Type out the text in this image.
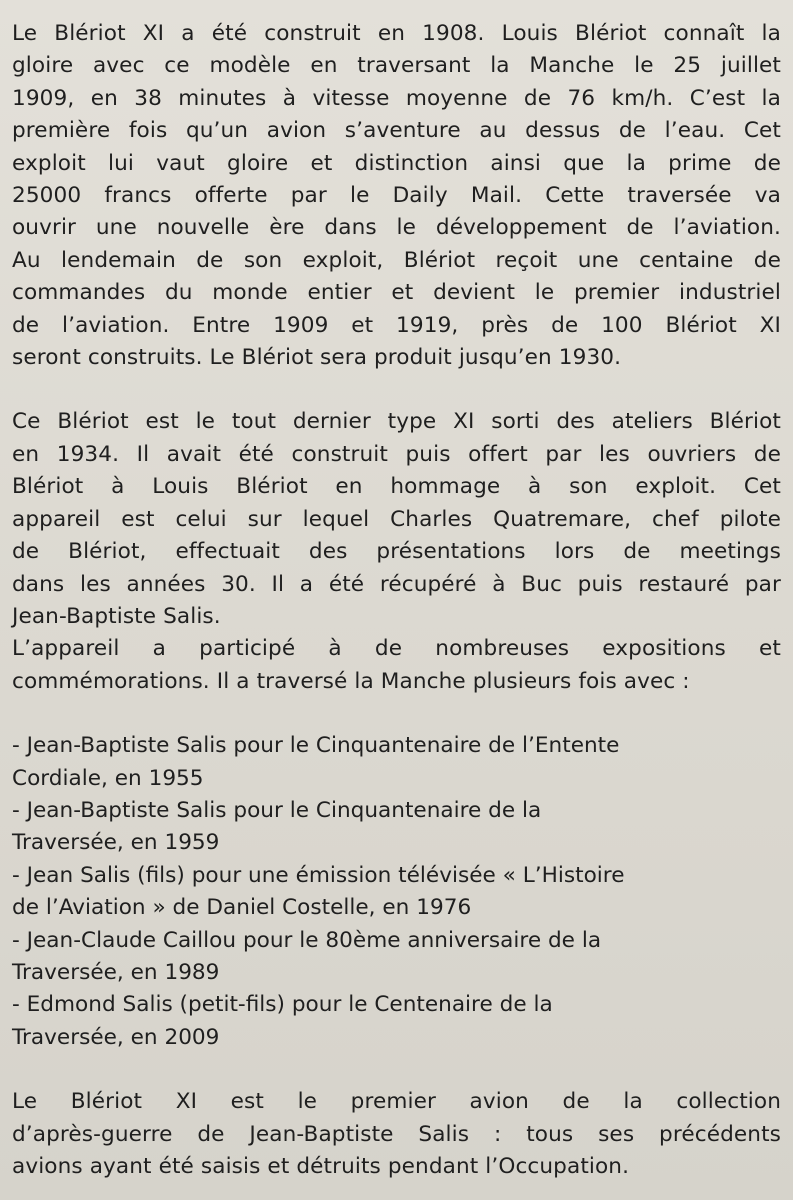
Le Blériot XI a été construit en 1908. Louis Blériot connaît la
gloire avec ce modèle en traversant la Manche le 25 juillet
1909, en 38 minutes à vitesse moyenne de 76 km/h. C’est la
première fois qu’un avion s’aventure au dessus de l’eau. Cet
exploit lui vaut gloire et distinction ainsi que la prime de
25000 francs offerte par le Daily Mail. Cette traversée va
ouvrir une nouvelle ère dans le développement de l’aviation.
Au lendemain de son exploit, Blériot reçoit une centaine de
commandes du monde entier et devient le premier industriel
de l’aviation. Entre 1909 et 1919, près de 100 Blériot XI
seront construits. Le Blériot sera produit jusqu’en 1930.

Ce Blériot est le tout dernier type XI sorti des ateliers Blériot
en 1934. Il avait été construit puis offert par les ouvriers de
Blériot à Louis Blériot en hommage à son exploit. Cet
appareil est celui sur lequel Charles Quatremare, chef pilote
de Blériot, effectuait des présentations lors de meetings
dans les années 30. Il a été récupéré à Buc puis restauré par
Jean-Baptiste Salis.

L’appareil a participé à de nombreuses expositions et
commémorations. Il a traversé la Manche plusieurs fois avec :

- Jean-Baptiste Salis pour le Cinquantenaire de l’Entente
Cordiale, en 1955
- Jean-Baptiste Salis pour le Cinquantenaire de la
Traversée, en 1959
- Jean Salis (fils) pour une émission télévisée « L’Histoire
de l’Aviation » de Daniel Costelle, en 1976
- Jean-Claude Caillou pour le 80ème anniversaire de la
Traversée, en 1989
- Edmond Salis (petit-fils) pour le Centenaire de la
Traversée, en 2009

Le Blériot XI est le premier avion de la collection
d’après-guerre de Jean-Baptiste Salis : tous ses précédents
avions ayant été saisis et détruits pendant l’Occupation.
